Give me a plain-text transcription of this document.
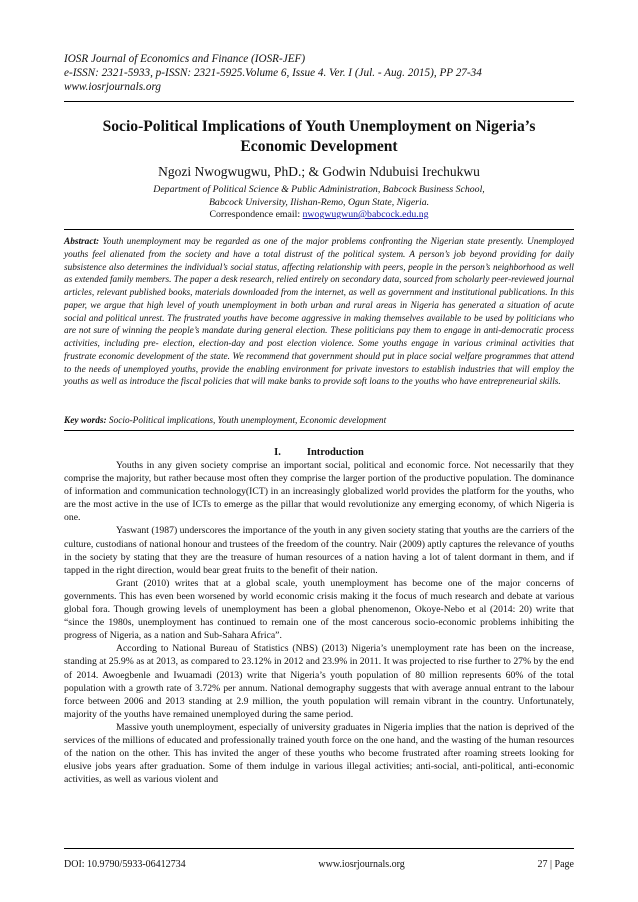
IOSR Journal of Economics and Finance (IOSR-JEF)
e-ISSN: 2321-5933, p-ISSN: 2321-5925.Volume 6, Issue 4. Ver. I (Jul. - Aug. 2015), PP 27-34
www.iosrjournals.org
Socio-Political Implications of Youth Unemployment on Nigeria’s
Economic Development
Ngozi Nwogwugwu, PhD.; & Godwin Ndubuisi Irechukwu
Department of Political Science & Public Administration, Babcock Business School,
Babcock University, Ilishan-Remo, Ogun State, Nigeria.
Correspondence email: nwogwugwun@babcock.edu.ng
Abstract: Youth unemployment may be regarded as one of the major problems confronting the Nigerian state presently. Unemployed youths feel alienated from the society and have a total distrust of the political system. A person’s job beyond providing for daily subsistence also determines the individual’s social status, affecting relationship with peers, people in the person’s neighborhood as well as extended family members. The paper a desk research, relied entirely on secondary data, sourced from scholarly peer-reviewed journal articles, relevant published books, materials downloaded from the internet, as well as government and institutional publications. In this paper, we argue that high level of youth unemployment in both urban and rural areas in Nigeria has generated a situation of acute social and political unrest. The frustrated youths have become aggressive in making themselves available to be used by politicians who are not sure of winning the people’s mandate during general election. These politicians pay them to engage in anti-democratic process activities, including pre- election, election-day and post election violence. Some youths engage in various criminal activities that frustrate economic development of the state. We recommend that government should put in place social welfare programmes that attend to the needs of unemployed youths, provide the enabling environment for private investors to establish industries that will employ the youths as well as introduce the fiscal policies that will make banks to provide soft loans to the youths who have entrepreneurial skills.
Key words: Socio-Political implications, Youth unemployment, Economic development
I. Introduction

Youths in any given society comprise an important social, political and economic force. Not necessarily that they comprise the majority, but rather because most often they comprise the larger portion of the productive population. The dominance of information and communication technology(ICT) in an increasingly globalized world provides the platform for the youths, who are the most active in the use of ICTs to emerge as the pillar that would revolutionize any emerging economy, of which Nigeria is one.

Yaswant (1987) underscores the importance of the youth in any given society stating that youths are the carriers of the culture, custodians of national honour and trustees of the freedom of the country. Nair (2009) aptly captures the relevance of youths in the society by stating that they are the treasure of human resources of a nation having a lot of talent dormant in them, and if tapped in the right direction, would bear great fruits to the benefit of their nation.

Grant (2010) writes that at a global scale, youth unemployment has become one of the major concerns of governments. This has even been worsened by world economic crisis making it the focus of much research and debate at various global fora. Though growing levels of unemployment has been a global phenomenon, Okoye-Nebo et al (2014: 20) write that “since the 1980s, unemployment has continued to remain one of the most cancerous socio-economic problems inhibiting the progress of Nigeria, as a nation and Sub-Sahara Africa”.

According to National Bureau of Statistics (NBS) (2013) Nigeria’s unemployment rate has been on the increase, standing at 25.9% as at 2013, as compared to 23.12% in 2012 and 23.9% in 2011. It was projected to rise further to 27% by the end of 2014. Awoegbenle and Iwuamadi (2013) write that Nigeria’s youth population of 80 million represents 60% of the total population with a growth rate of 3.72% per annum. National demography suggests that with average annual entrant to the labour force between 2006 and 2013 standing at 2.9 million, the youth population will remain vibrant in the country. Unfortunately, majority of the youths have remained unemployed during the same period.

Massive youth unemployment, especially of university graduates in Nigeria implies that the nation is deprived of the services of the millions of educated and professionally trained youth force on the one hand, and the wasting of the human resources of the nation on the other. This has invited the anger of these youths who become frustrated after roaming streets looking for elusive jobs years after graduation. Some of them indulge in various illegal activities; anti-social, anti-political, anti-economic activities, as well as various violent and

DOI: 10.9790/5933-06412734	www.iosrjournals.org	27 | Page
